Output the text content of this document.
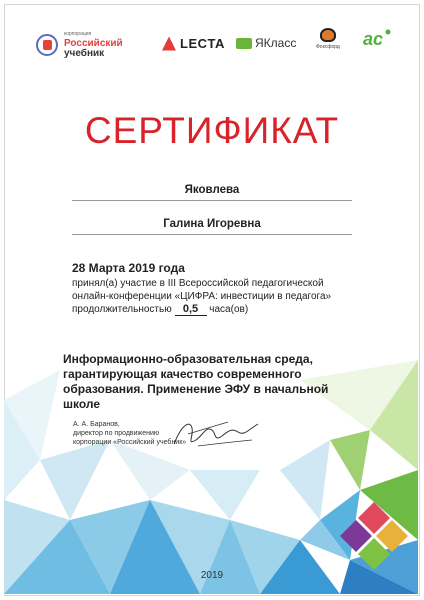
корпорация
Российский
учебник
LECTA	ЯКласс	Фоксфорд ac
СЕРТИФИКАТ
Яковлева
Галина Игоревна
28 Марта 2019 года
принял(а) участие в III Всероссийской педагогической
онлайн-конференции «ЦИФРА: инвестиции в педагога»
продолжительностью 0,5 часа(ов)
Информационно-образовательная среда, гарантирующая качество современного образования. Применение ЭФУ в начальной школе
А. А. Баранов,
директор по продвижению
корпорации «Российский учебник»
2019
